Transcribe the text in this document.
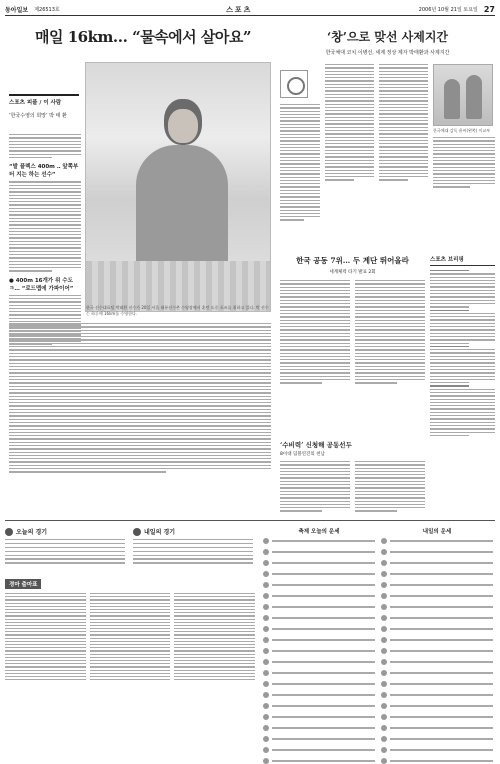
동아일보 제26513호	스포츠	2006년 10월 21일 토요일 27
매일 16km… “물속에서 살아요”
스포츠 피플 / 이 사람
‘한국수영의 희망’ 박 태 환
“발 플렉스 400m ‥ 앞쪽부터 지는 하는 선수”
● 400m 16개가 위 수도 ㅋ… “로드맵에 가파이어”
한국 선수대표팀 박태환 선수가 20일 서울 태릉선수촌 수영장에서 훈련 도중 포즈를 취하고 있다. 박 선수는 하루에 16km를 수영한다.
‘창’으로 맞선 사제지간
한국체대 코치 이병선, 세계 정상 제자 박태환과 사제지간
한국체대 감독 윤씨(왼쪽) 이교부
한국 공동 7위… 두 계단 뛰어올라
세계체력 타기 발표 2회
스포츠 브리핑
‘수비력’ 신청해 공동선두
8이대 덤블연진의 천남
오늘의 경기	내일의 경기
경마 출마표
축제 오늘의 운세	내일의 운세
